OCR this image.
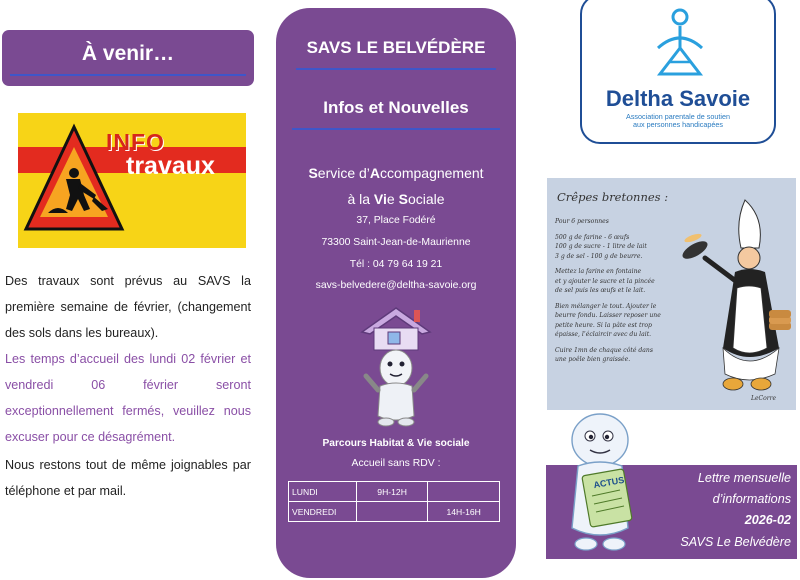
À venir…
INFO
travaux

Des travaux sont prévus au SAVS la première semaine de février, (changement des sols dans les bureaux).

Les temps d’accueil des lundi 02 février et vendredi 06 février seront exceptionnellement fermés, veuillez nous excuser pour ce désagrément.

Nous restons tout de même joignables par téléphone et par mail.

SAVS LE BELVÉDÈRE
Infos et Nouvelles
Service d’Accompagnement
à la Vie Sociale
37, Place Fodéré
73300 Saint-Jean-de-Maurienne
Tél : 04 79 64 19 21
savs-belvedere@deltha-savoie.org
Parcours Habitat & Vie sociale
Accueil sans RDV :
LUNDI	9H-12H	
VENDREDI		14H-16H
Deltha Savoie
Association parentale de soutien
aux personnes handicapées
Crêpes bretonnes :
Pour 6 personnes
500 g de farine - 6 œufs
100 g de sucre - 1 litre de lait
3 g de sel - 100 g de beurre.
Mettez la farine en fontaine
et y ajouter le sucre et la pincée
de sel puis les œufs et le lait.
Bien mélanger le tout. Ajouter le
beurre fondu. Laisser reposer une
petite heure. Si la pâte est trop
épaisse, l’éclaircir avec du lait.
Cuire 1mn de chaque côté dans
une poêle bien graissée.
LeCorre
Lettre mensuelle
d’informations
2026-02
SAVS Le Belvédère
ACTUS
